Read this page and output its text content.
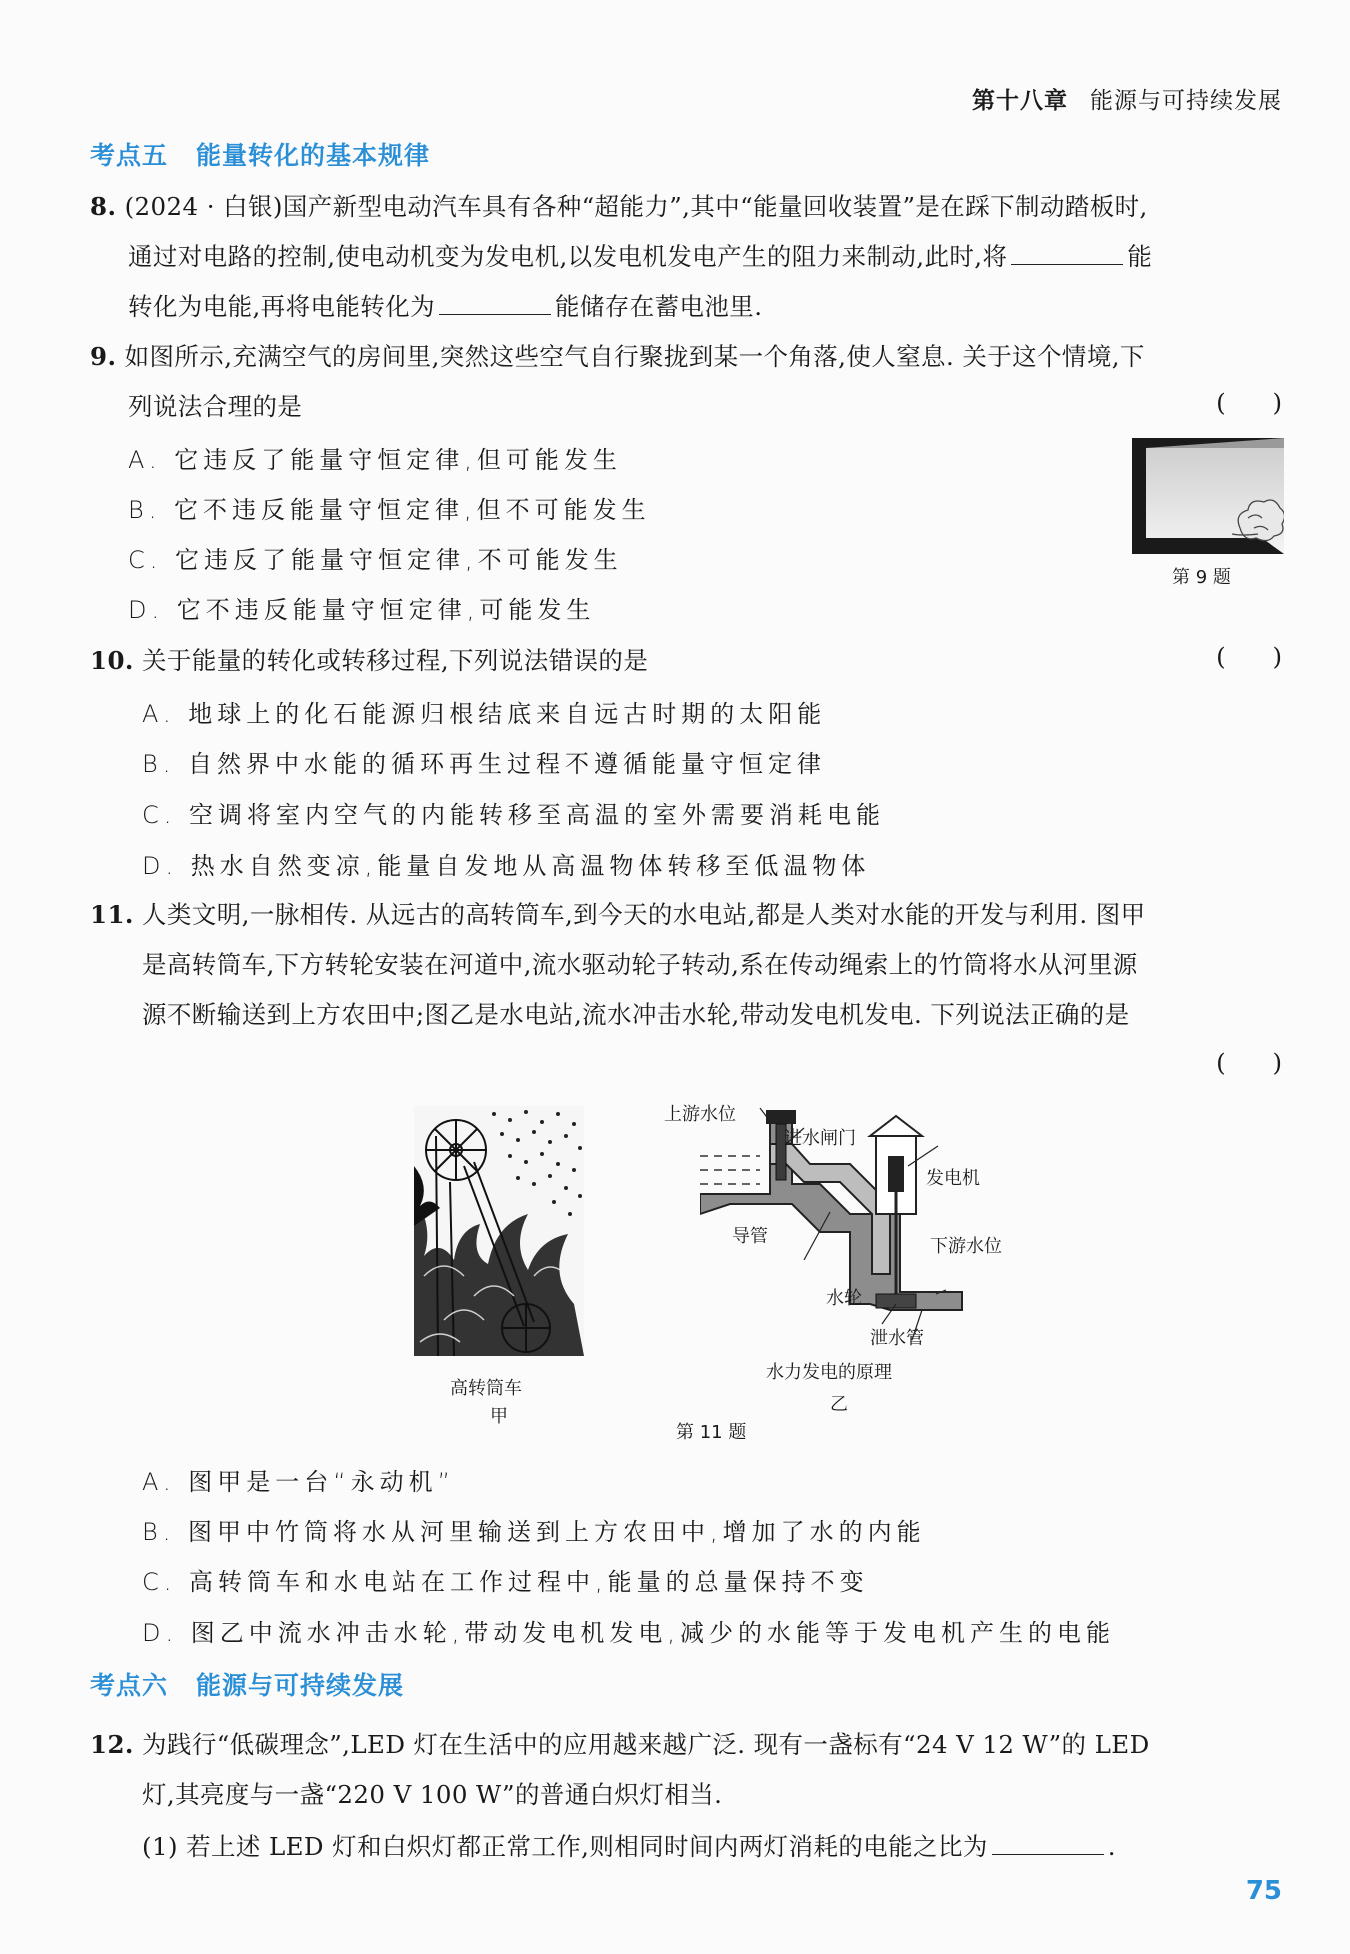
第十八章 能源与可持续发展
考点五 能量转化的基本规律
8. (2024 · 白银)国产新型电动汽车具有各种“超能力”,其中“能量回收装置”是在踩下制动踏板时,
通过对电路的控制,使电动机变为发电机,以发电机发电产生的阻力来制动,此时,将	能
转化为电能,再将电能转化为	能储存在蓄电池里.
9. 如图所示,充满空气的房间里,突然这些空气自行聚拢到某一个角落,使人窒息. 关于这个情境,下
列说法合理的是	(      )
A. 它违反了能量守恒定律,但可能发生
B. 它不违反能量守恒定律,但不可能发生
C. 它违反了能量守恒定律,不可能发生
D. 它不违反能量守恒定律,可能发生
第 9 题
10. 关于能量的转化或转移过程,下列说法错误的是	(      )
A. 地球上的化石能源归根结底来自远古时期的太阳能
B. 自然界中水能的循环再生过程不遵循能量守恒定律
C. 空调将室内空气的内能转移至高温的室外需要消耗电能
D. 热水自然变凉,能量自发地从高温物体转移至低温物体
11. 人类文明,一脉相传. 从远古的高转筒车,到今天的水电站,都是人类对水能的开发与利用. 图甲
是高转筒车,下方转轮安装在河道中,流水驱动轮子转动,系在传动绳索上的竹筒将水从河里源
源不断输送到上方农田中;图乙是水电站,流水冲击水轮,带动发电机发电. 下列说法正确的是
(      )
高转筒车
甲
上游水位
进水闸门
发电机
导管	下游水位
水轮
泄水管
水力发电的原理
乙
第 11 题
A. 图甲是一台“永动机”
B. 图甲中竹筒将水从河里输送到上方农田中,增加了水的内能
C. 高转筒车和水电站在工作过程中,能量的总量保持不变
D. 图乙中流水冲击水轮,带动发电机发电,减少的水能等于发电机产生的电能
考点六 能源与可持续发展
12. 为践行“低碳理念”,LED 灯在生活中的应用越来越广泛. 现有一盏标有“24 V 12 W”的 LED
灯,其亮度与一盏“220 V 100 W”的普通白炽灯相当.
(1) 若上述 LED 灯和白炽灯都正常工作,则相同时间内两灯消耗的电能之比为	.
75
